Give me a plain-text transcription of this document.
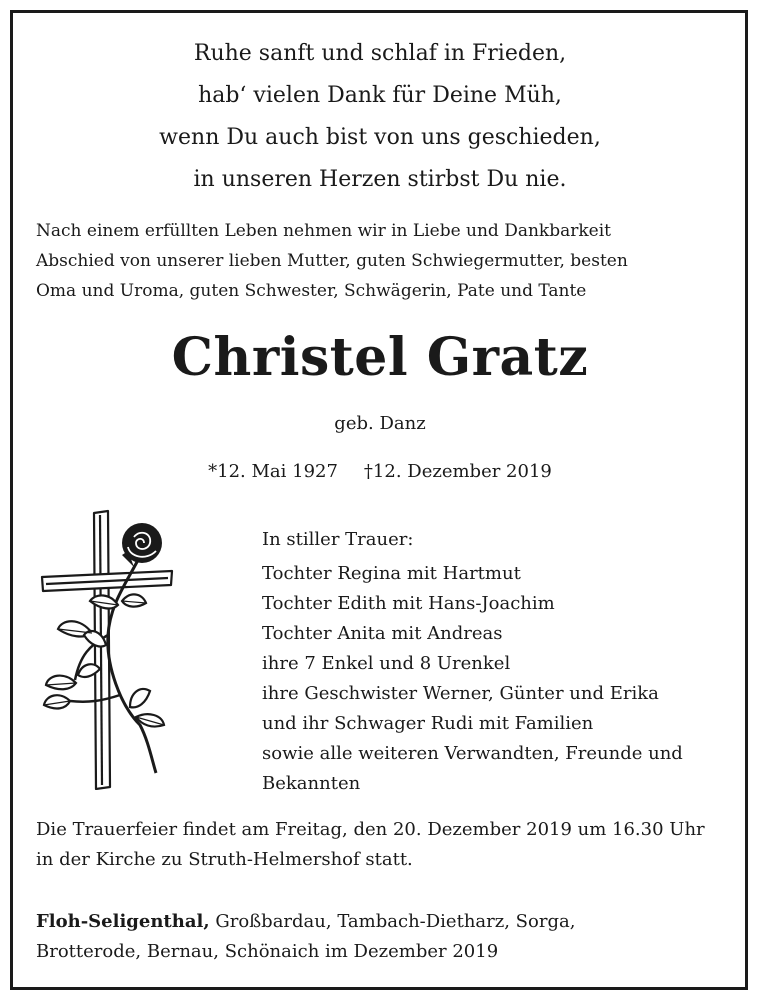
Ruhe sanft und schlaf in Frieden,
hab‘ vielen Dank für Deine Müh,
wenn Du auch bist von uns geschieden,
in unseren Herzen stirbst Du nie.
Nach einem erfüllten Leben nehmen wir in Liebe und Dankbarkeit
Abschied von unserer lieben Mutter, guten Schwiegermutter, besten
Oma und Uroma, guten Schwester, Schwägerin, Pate und Tante
Christel Gratz
geb. Danz
*12. Mai 1927 †12. Dezember 2019
In stiller Trauer:
Tochter Regina mit Hartmut
Tochter Edith mit Hans-Joachim
Tochter Anita mit Andreas
ihre 7 Enkel und 8 Urenkel
ihre Geschwister Werner, Günter und Erika
und ihr Schwager Rudi mit Familien
sowie alle weiteren Verwandten, Freunde und
Bekannten
Die Trauerfeier findet am Freitag, den 20. Dezember 2019 um 16.30 Uhr
in der Kirche zu Struth-Helmershof statt.
Floh-Seligenthal, Großbardau, Tambach-Dietharz, Sorga,
Brotterode, Bernau, Schönaich im Dezember 2019
